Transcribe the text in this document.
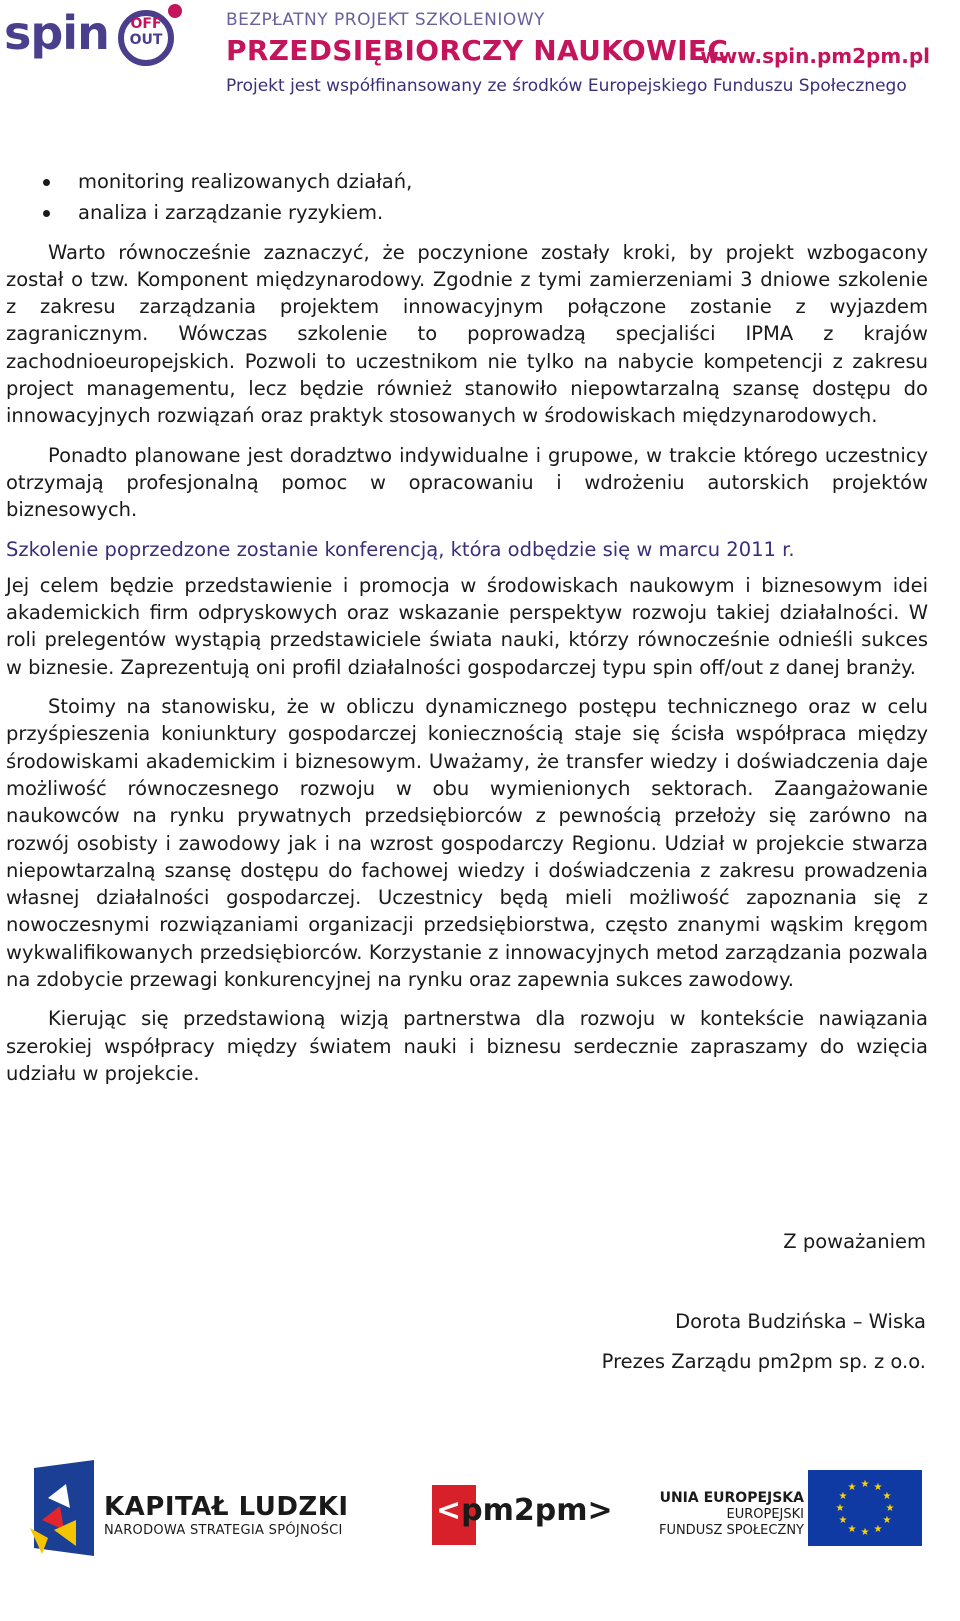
spin	OFF
OUT
BEZPŁATNY PROJEKT SZKOLENIOWY
PRZEDSIĘBIORCZY NAUKOWIEC
www.spin.pm2pm.pl
Projekt jest współfinansowany ze środków Europejskiego Funduszu Społecznego
monitoring realizowanych działań,
analiza i zarządzanie ryzykiem.

Warto równocześnie zaznaczyć, że poczynione zostały kroki, by projekt wzbogacony został o tzw. Komponent międzynarodowy. Zgodnie z tymi zamierzeniami 3 dniowe szkolenie z zakresu zarządzania projektem innowacyjnym połączone zostanie z wyjazdem zagranicznym. Wówczas szkolenie to poprowadzą specjaliści IPMA z krajów zachodnioeuropejskich. Pozwoli to uczestnikom nie tylko na nabycie kompetencji z zakresu project managementu, lecz będzie również stanowiło niepowtarzalną szansę dostępu do innowacyjnych rozwiązań oraz praktyk stosowanych w środowiskach międzynarodowych.

Ponadto planowane jest doradztwo indywidualne i grupowe, w trakcie którego uczestnicy otrzymają profesjonalną pomoc w opracowaniu i wdrożeniu autorskich projektów biznesowych.

Szkolenie poprzedzone zostanie konferencją, która odbędzie się w marcu 2011 r.

Jej celem będzie przedstawienie i promocja w środowiskach naukowym i biznesowym idei akademickich firm odpryskowych oraz wskazanie perspektyw rozwoju takiej działalności. W roli prelegentów wystąpią przedstawiciele świata nauki, którzy równocześnie odnieśli sukces w biznesie. Zaprezentują oni profil działalności gospodarczej typu spin off/out z danej branży.

Stoimy na stanowisku, że w obliczu dynamicznego postępu technicznego oraz w celu przyśpieszenia koniunktury gospodarczej koniecznością staje się ścisła współpraca między środowiskami akademickim i biznesowym. Uważamy, że transfer wiedzy i doświadczenia daje możliwość równoczesnego rozwoju w obu wymienionych sektorach. Zaangażowanie naukowców na rynku prywatnych przedsiębiorców z pewnością przełoży się zarówno na rozwój osobisty i zawodowy jak i na wzrost gospodarczy Regionu. Udział w projekcie stwarza niepowtarzalną szansę dostępu do fachowej wiedzy i doświadczenia z zakresu prowadzenia własnej działalności gospodarczej. Uczestnicy będą mieli możliwość zapoznania się z nowoczesnymi rozwiązaniami organizacji przedsiębiorstwa, często znanymi wąskim kręgom wykwalifikowanych przedsiębiorców. Korzystanie z innowacyjnych metod zarządzania pozwala na zdobycie przewagi konkurencyjnej na rynku oraz zapewnia sukces zawodowy.

Kierując się przedstawioną wizją partnerstwa dla rozwoju w kontekście nawiązania szerokiej współpracy między światem nauki i biznesu serdecznie zapraszamy do wzięcia udziału w projekcie.

Z poważaniem
Dorota Budzińska – Wiska
Prezes Zarządu pm2pm sp. z o.o.
KAPITAŁ LUDZKI
NARODOWA STRATEGIA SPÓJNOŚCI
<pm2pm>	UNIA EUROPEJSKA
EUROPEJSKI
FUNDUSZ SPOŁECZNY
★ ★
★
★
★
★
★
★
★
★
★
★
